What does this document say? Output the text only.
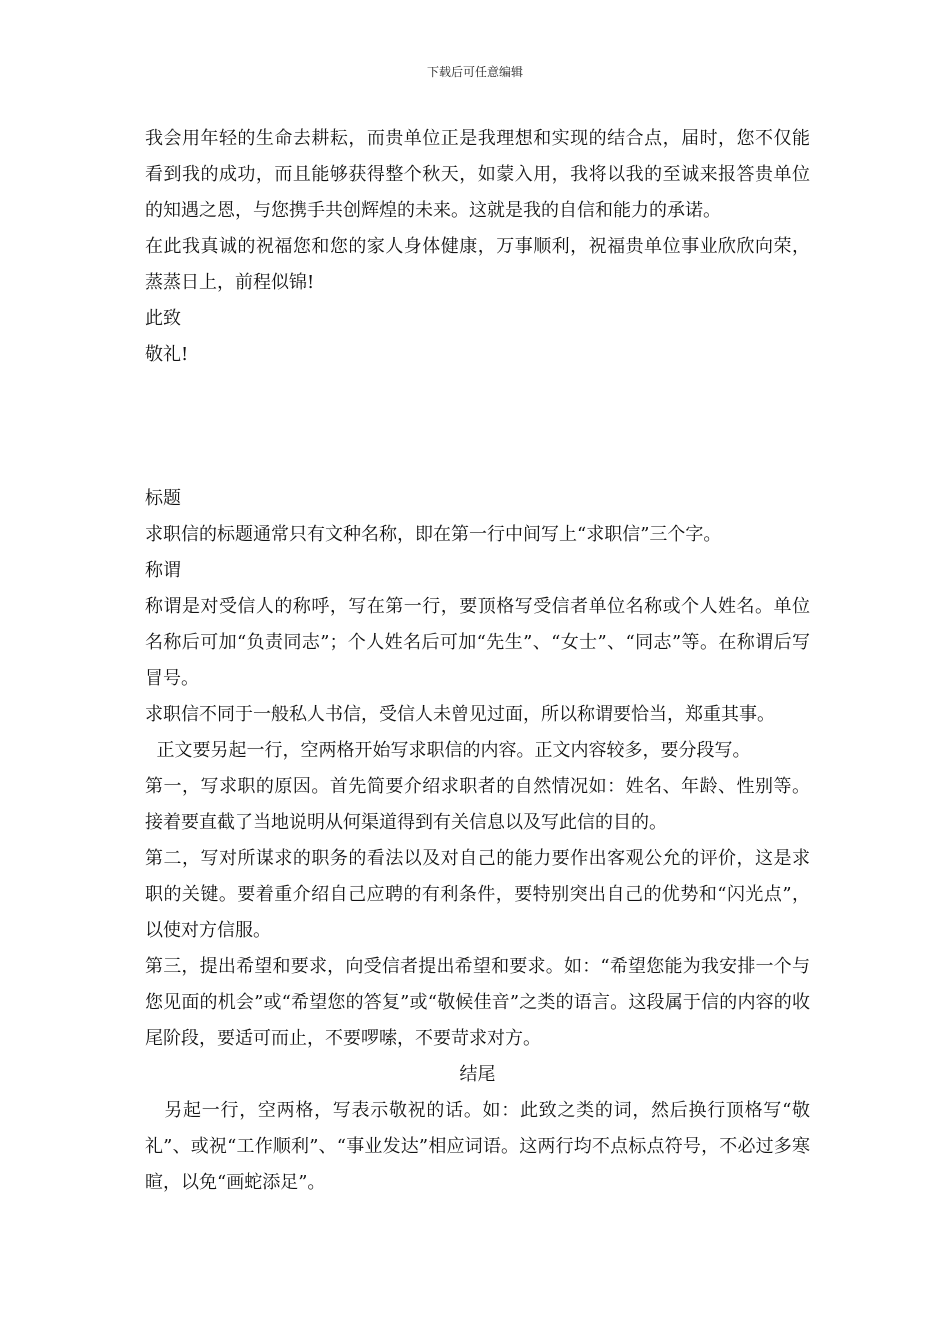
下载后可任意编辑

我会用年轻的生命去耕耘，而贵单位正是我理想和实现的结合点，届时，您不仅能看到我的成功，而且能够获得整个秋天，如蒙入用，我将以我的至诚来报答贵单位的知遇之恩，与您携手共创辉煌的未来。这就是我的自信和能力的承诺。

在此我真诚的祝福您和您的家人身体健康，万事顺利，祝福贵单位事业欣欣向荣，蒸蒸日上，前程似锦!

此致

敬礼!

标题

求职信的标题通常只有文种名称，即在第一行中间写上“求职信”三个字。

称谓

称谓是对受信人的称呼，写在第一行，要顶格写受信者单位名称或个人姓名。单位名称后可加“负责同志”；个人姓名后可加“先生”、“女士”、“同志”等。在称谓后写冒号。

求职信不同于一般私人书信，受信人未曾见过面，所以称谓要恰当，郑重其事。

正文要另起一行，空两格开始写求职信的内容。正文内容较多，要分段写。

第一，写求职的原因。首先简要介绍求职者的自然情况如：姓名、年龄、性别等。接着要直截了当地说明从何渠道得到有关信息以及写此信的目的。

第二，写对所谋求的职务的看法以及对自己的能力要作出客观公允的评价，这是求职的关键。要着重介绍自己应聘的有利条件，要特别突出自己的优势和“闪光点”，以使对方信服。

第三，提出希望和要求，向受信者提出希望和要求。如：“希望您能为我安排一个与您见面的机会”或“希望您的答复”或“敬候佳音”之类的语言。这段属于信的内容的收尾阶段，要适可而止，不要啰嗦，不要苛求对方。

结尾

另起一行，空两格，写表示敬祝的话。如：此致之类的词，然后换行顶格写“敬礼”、或祝“工作顺利”、“事业发达”相应词语。这两行均不点标点符号，不必过多寒暄，以免“画蛇添足”。
